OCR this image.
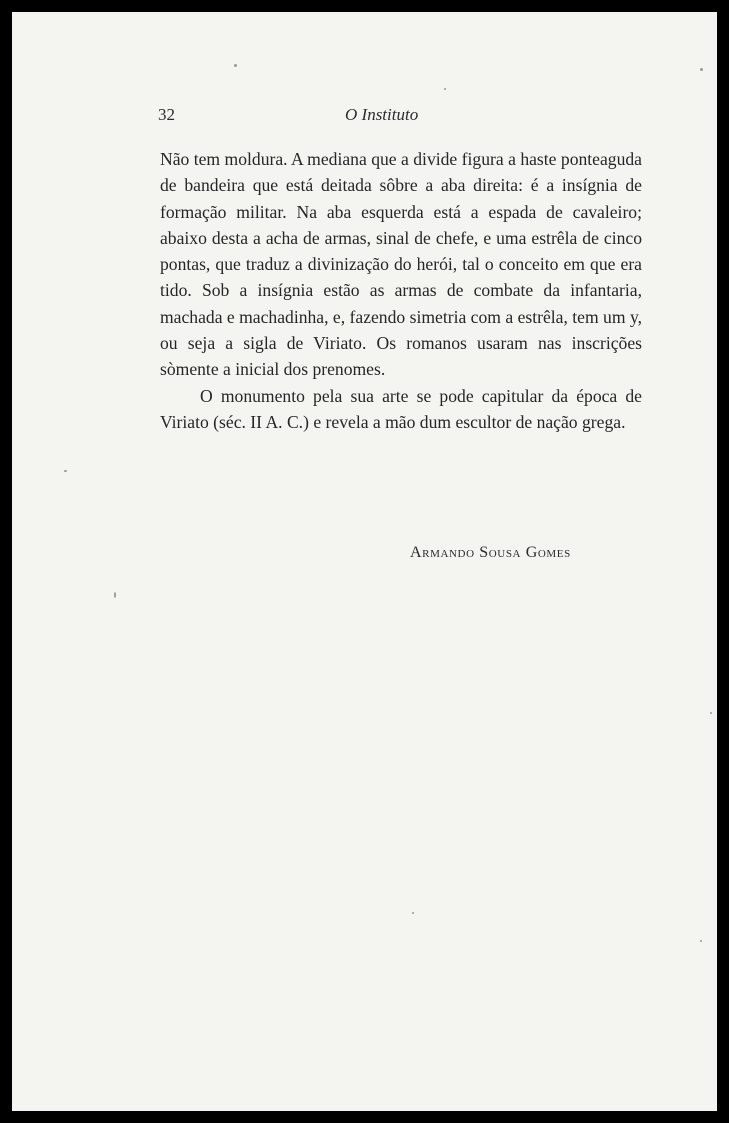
32	O Instituto

Não tem moldura. A mediana que a divide figura a haste ponteaguda de bandeira que está deitada sôbre a aba direita: é a insígnia de formação militar. Na aba esquerda está a espada de cavaleiro; abaixo desta a acha de armas, sinal de chefe, e uma estrêla de cinco pontas, que traduz a divinização do herói, tal o conceito em que era tido. Sob a insígnia estão as armas de combate da infantaria, machada e machadinha, e, fazendo simetria com a estrêla, tem um y, ou seja a sigla de Viriato. Os romanos usaram nas inscrições sòmente a inicial dos prenomes.

O monumento pela sua arte se pode capitular da época de Viriato (séc. II A. C.) e revela a mão dum escultor de nação grega.

Armando Sousa Gomes
